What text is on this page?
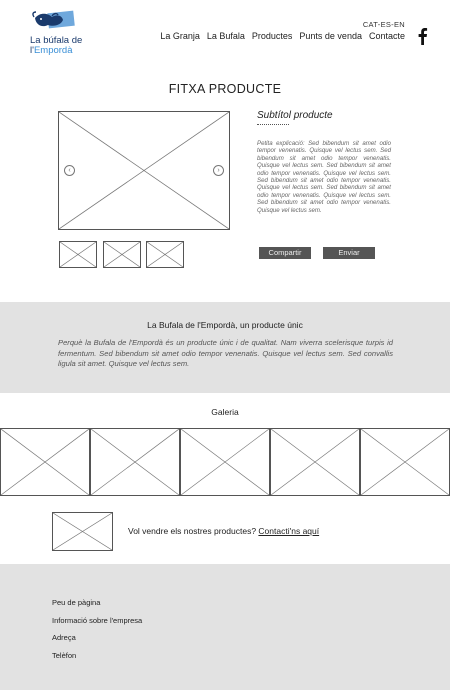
La búfala de
l'Empordà
CAT-ES-EN
La Granja La Bufala Productes Punts de venda Contacte
FITXA PRODUCTE
‹	›
Subtítol producte
Petita explicació: Sed bibendum sit amet odio tempor venenatis. Quisque vel lectus sem. Sed bibendum sit amet odio tempor venenatis. Quisque vel lectus sem. Sed bibendum sit amet odio tempor venenatis. Quisque vel lectus sem. Sed bibendum sit amet odio tempor venenatis. Quisque vel lectus sem. Sed bibendum sit amet odio tempor venenatis. Quisque vel lectus sem. Sed bibendum sit amet odio tempor venenatis. Quisque vel lectus sem.
Compartir	Enviar
La Bufala de l'Empordà, un producte únic
Perquè la Bufala de l'Empordà és un producte únic i de qualitat. Nam viverra scelerisque turpis id fermentum. Sed bibendum sit amet odio tempor venenatis. Quisque vel lectus sem. Sed convallis ligula sit amet. Quisque vel lectus sem.
Galeria
Vol vendre els nostres productes? Contacti'ns aquí
Peu de pàgina
Informació sobre l'empresa
Adreça
Telèfon
